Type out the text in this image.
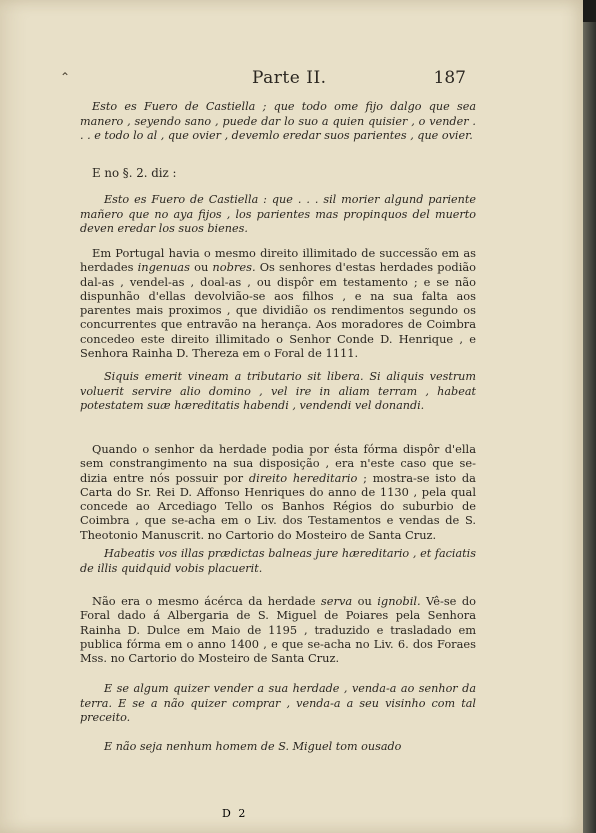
⌃	Parte II.	187
Esto es Fuero de Castiella ; que todo ome fijo dalgo que sea manero , seyendo sano , puede dar lo suo a quien quisier , o vender . . . e todo lo al , que ovier , devemlo eredar suos parientes , que ovier.
E no §. 2. diz :
Esto es Fuero de Castiella : que . . . sil morier algund pariente mañero que no aya fijos , los parientes mas propinquos del muerto deven eredar los suos bienes.
Em Portugal havia o mesmo direito illimitado de successão em as herdades ingenuas ou nobres. Os senhores d'estas herdades podião dal-as , vendel-as , doal-as , ou dispôr em testamento ; e se não dispunhão d'ellas devolvião-se aos filhos , e na sua falta aos parentes mais proximos , que dividião os rendimentos segundo os concurrentes que entravão na herança. Aos moradores de Coimbra concedeo este direito illimitado o Senhor Conde D. Henrique , e Senhora Rainha D. Thereza em o Foral de 1111.
Siquis emerit vineam a tributario sit libera. Si aliquis vestrum voluerit servire alio domino , vel ire in aliam terram , habeat potestatem suæ hæreditatis habendi , vendendi vel donandi.
Quando o senhor da herdade podia por ésta fórma dispôr d'ella sem constrangimento na sua disposição , era n'este caso que se-dizia entre nós possuir por direito hereditario ; mostra-se isto da Carta do Sr. Rei D. Affonso Henriques do anno de 1130 , pela qual concede ao Arcediago Tello os Banhos Régios do suburbio de Coimbra , que se-acha em o Liv. dos Testamentos e vendas de S. Theotonio Manuscrit. no Cartorio do Mosteiro de Santa Cruz.
Habeatis vos illas prædictas balneas jure hæreditario , et faciatis de illis quidquid vobis placuerit.
Não era o mesmo ácérca da herdade serva ou ignobil. Vê-se do Foral dado á Albergaria de S. Miguel de Poiares pela Senhora Rainha D. Dulce em Maio de 1195 , traduzido e trasladado em publica fórma em o anno 1400 , e que se-acha no Liv. 6. dos Foraes Mss. no Cartorio do Mosteiro de Santa Cruz.
E se algum quizer vender a sua herdade , venda-a ao senhor da terra. E se a não quizer comprar , venda-a a seu visinho com tal preceito.
E não seja nenhum homem de S. Miguel tom ousado
D 2
